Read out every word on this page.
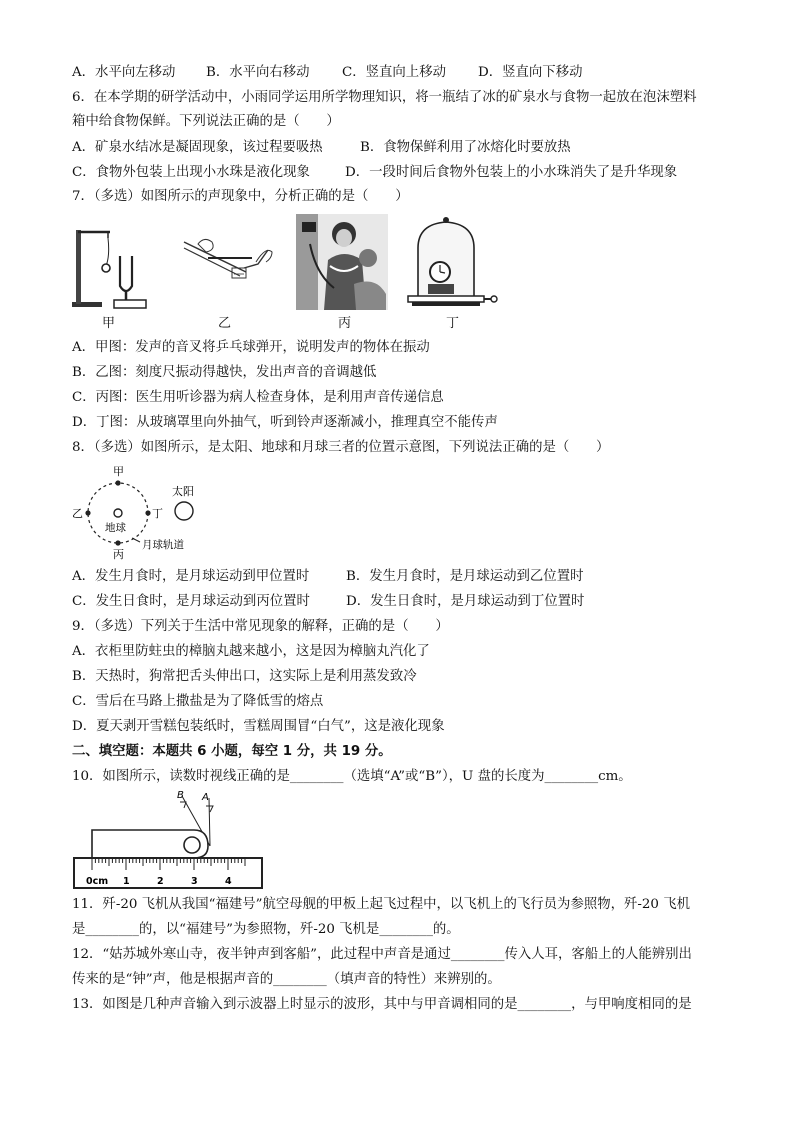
A．水平向左移动 B．水平向右移动 C．竖直向上移动 D．竖直向下移动
6．在本学期的研学活动中，小雨同学运用所学物理知识，将一瓶结了冰的矿泉水与食物一起放在泡沫塑料
箱中给食物保鲜。下列说法正确的是（　　）
A．矿泉水结冰是凝固现象，该过程要吸热	B．食物保鲜利用了冰熔化时要放热
C．食物外包装上出现小水珠是液化现象	D．一段时间后食物外包装上的小水珠消失了是升华现象
7．（多选）如图所示的声现象中，分析正确的是（　　）
甲	乙	丙	丁
A．甲图：发声的音叉将乒乓球弹开，说明发声的物体在振动
B．乙图：刻度尺振动得越快，发出声音的音调越低
C．丙图：医生用听诊器为病人检查身体，是利用声音传递信息
D．丁图：从玻璃罩里向外抽气，听到铃声逐渐减小，推理真空不能传声
8．（多选）如图所示，是太阳、地球和月球三者的位置示意图，下列说法正确的是（　　）
甲
乙	丁
丙
地球
太阳
月球轨道
A．发生月食时，是月球运动到甲位置时	B．发生月食时，是月球运动到乙位置时
C．发生日食时，是月球运动到丙位置时	D．发生日食时，是月球运动到丁位置时
9．（多选）下列关于生活中常见现象的解释，正确的是（　　）
A．衣柜里防蛀虫的樟脑丸越来越小，这是因为樟脑丸汽化了
B．天热时，狗常把舌头伸出口，这实际上是利用蒸发致冷
C．雪后在马路上撒盐是为了降低雪的熔点
D．夏天剥开雪糕包装纸时，雪糕周围冒“白气”，这是液化现象
二、填空题：本题共 6 小题，每空 1 分，共 19 分。
10．如图所示，读数时视线正确的是________（选填“A”或“B”），U 盘的长度为________cm。
B A
0cm 1	2	3	4
11．歼-20 飞机从我国“福建号”航空母舰的甲板上起飞过程中，以飞机上的飞行员为参照物，歼-20 飞机
是________的，以“福建号”为参照物，歼-20 飞机是________的。
12．“姑苏城外寒山寺，夜半钟声到客船”，此过程中声音是通过________传入人耳，客船上的人能辨别出
传来的是“钟”声，他是根据声音的________（填声音的特性）来辨别的。
13．如图是几种声音输入到示波器上时显示的波形，其中与甲音调相同的是________，与甲响度相同的是
